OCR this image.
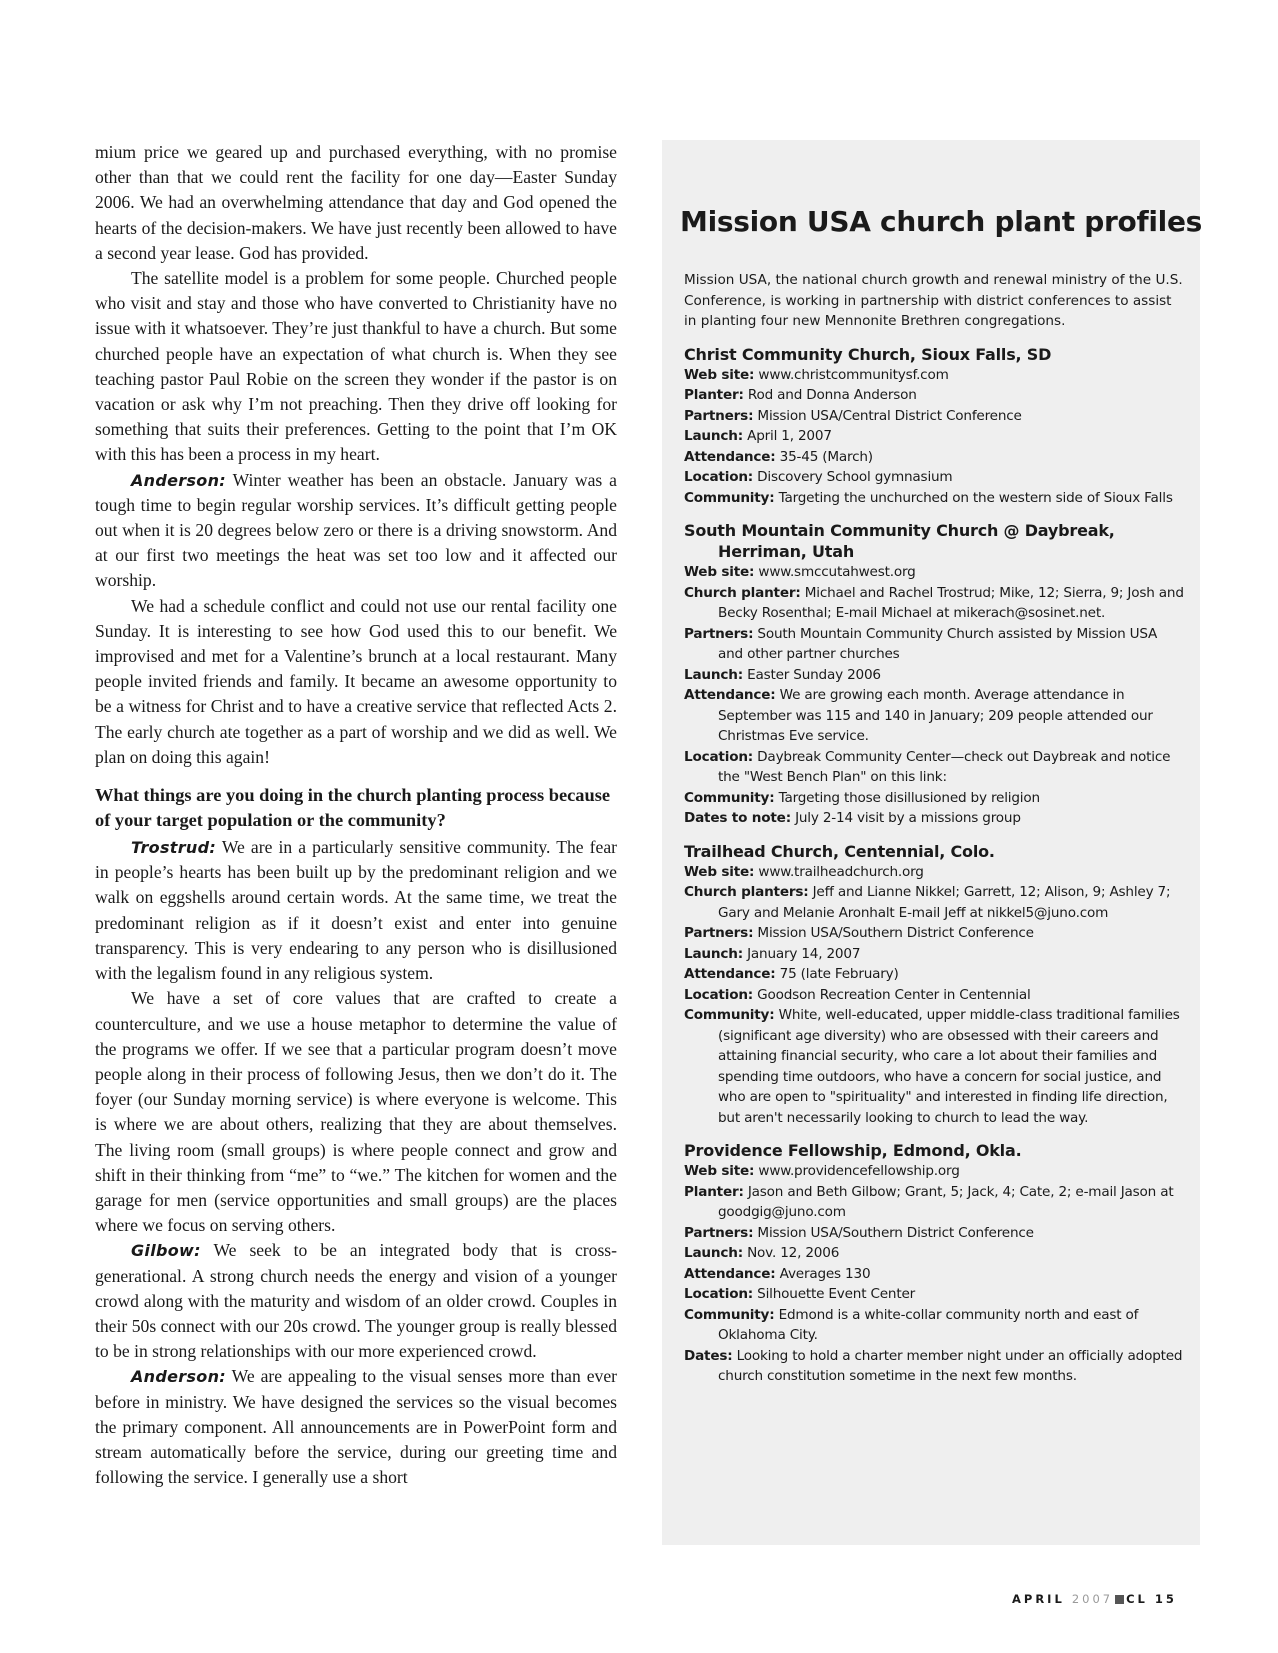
mium price we geared up and purchased everything, with no promise other than that we could rent the facility for one day—Easter Sunday 2006. We had an overwhelming attendance that day and God opened the hearts of the decision-makers. We have just recently been allowed to have a second year lease. God has provided.

The satellite model is a problem for some people. Churched people who visit and stay and those who have converted to Christianity have no issue with it whatsoever. They’re just thankful to have a church. But some churched people have an expectation of what church is. When they see teaching pastor Paul Robie on the screen they wonder if the pastor is on vacation or ask why I’m not preaching. Then they drive off looking for something that suits their preferences. Getting to the point that I’m OK with this has been a process in my heart.

Anderson: Winter weather has been an obstacle. January was a tough time to begin regular worship services. It’s difficult getting people out when it is 20 degrees below zero or there is a driving snowstorm. And at our first two meetings the heat was set too low and it affected our worship.

We had a schedule conflict and could not use our rental facility one Sunday. It is interesting to see how God used this to our benefit. We improvised and met for a Valentine’s brunch at a local restaurant. Many people invited friends and family. It became an awesome opportunity to be a witness for Christ and to have a creative service that reflected Acts 2. The early church ate together as a part of worship and we did as well. We plan on doing this again!

What things are you doing in the church planting process because of your target population or the community?

Trostrud: We are in a particularly sensitive community. The fear in people’s hearts has been built up by the predominant religion and we walk on eggshells around certain words. At the same time, we treat the predominant religion as if it doesn’t exist and enter into genuine transparency. This is very endearing to any person who is disillusioned with the legalism found in any religious system.

We have a set of core values that are crafted to create a counterculture, and we use a house metaphor to determine the value of the programs we offer. If we see that a particular program doesn’t move people along in their process of following Jesus, then we don’t do it. The foyer (our Sunday morning service) is where everyone is welcome. This is where we are about others, realizing that they are about themselves. The living room (small groups) is where people connect and grow and shift in their thinking from “me” to “we.” The kitchen for women and the garage for men (service opportunities and small groups) are the places where we focus on serving others.

Gilbow: We seek to be an integrated body that is cross-generational. A strong church needs the energy and vision of a younger crowd along with the maturity and wisdom of an older crowd. Couples in their 50s connect with our 20s crowd. The younger group is really blessed to be in strong relationships with our more experienced crowd.

Anderson: We are appealing to the visual senses more than ever before in ministry. We have designed the services so the visual becomes the primary component. All announcements are in PowerPoint form and stream automatically before the service, during our greeting time and following the service. I generally use a short

Mission USA church plant profiles
Mission USA, the national church growth and renewal ministry of the U.S. Conference, is working in partnership with district conferences to assist in planting four new Mennonite Brethren congregations.
Christ Community Church, Sioux Falls, SD
Web site: www.christcommunitysf.com
Planter: Rod and Donna Anderson
Partners: Mission USA/Central District Conference
Launch: April 1, 2007
Attendance: 35-45 (March)
Location: Discovery School gymnasium
Community: Targeting the unchurched on the western side of Sioux Falls
South Mountain Community Church @ Daybreak, Herriman, Utah
Web site: www.smccutahwest.org
Church planter: Michael and Rachel Trostrud; Mike, 12; Sierra, 9; Josh and Becky Rosenthal; E-mail Michael at mikerach@sosinet.net.
Partners: South Mountain Community Church assisted by Mission USA and other partner churches
Launch: Easter Sunday 2006
Attendance: We are growing each month. Average attendance in September was 115 and 140 in January; 209 people attended our Christmas Eve service.
Location: Daybreak Community Center—check out Daybreak and notice the "West Bench Plan" on this link:
Community: Targeting those disillusioned by religion
Dates to note: July 2-14 visit by a missions group
Trailhead Church, Centennial, Colo.
Web site: www.trailheadchurch.org
Church planters: Jeff and Lianne Nikkel; Garrett, 12; Alison, 9; Ashley 7; Gary and Melanie Aronhalt E-mail Jeff at nikkel5@juno.com
Partners: Mission USA/Southern District Conference
Launch: January 14, 2007
Attendance: 75 (late February)
Location: Goodson Recreation Center in Centennial
Community: White, well-educated, upper middle-class traditional families (significant age diversity) who are obsessed with their careers and attaining financial security, who care a lot about their families and spending time outdoors, who have a concern for social justice, and who are open to "spirituality" and interested in finding life direction, but aren't necessarily looking to church to lead the way.
Providence Fellowship, Edmond, Okla.
Web site: www.providencefellowship.org
Planter: Jason and Beth Gilbow; Grant, 5; Jack, 4; Cate, 2; e-mail Jason at goodgig@juno.com
Partners: Mission USA/Southern District Conference
Launch: Nov. 12, 2006
Attendance: Averages 130
Location: Silhouette Event Center
Community: Edmond is a white-collar community north and east of Oklahoma City.
Dates: Looking to hold a charter member night under an officially adopted church constitution sometime in the next few months.
APRIL 2007 CL 15
